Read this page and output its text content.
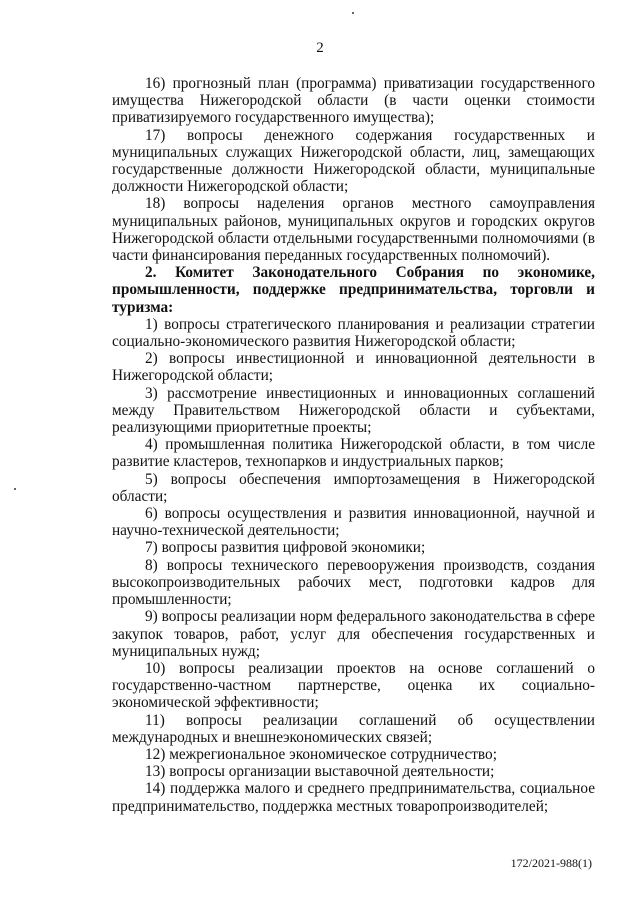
2

16) прогнозный план (программа) приватизации государственного имущества Нижегородской области (в части оценки стоимости приватизируемого государственного имущества);

17) вопросы денежного содержания государственных и муниципальных служащих Нижегородской области, лиц, замещающих государственные должности Нижегородской области, муниципальные должности Нижегородской области;

18) вопросы наделения органов местного самоуправления муниципальных районов, муниципальных округов и городских округов Нижегородской области отдельными государственными полномочиями (в части финансирования переданных государственных полномочий).

2. Комитет Законодательного Собрания по экономике, промышленности, поддержке предпринимательства, торговли и туризма:

1) вопросы стратегического планирования и реализации стратегии социально-экономического развития Нижегородской области;

2) вопросы инвестиционной и инновационной деятельности в Нижегородской области;

3) рассмотрение инвестиционных и инновационных соглашений между Правительством Нижегородской области и субъектами, реализующими приоритетные проекты;

4) промышленная политика Нижегородской области, в том числе развитие кластеров, технопарков и индустриальных парков;

5) вопросы обеспечения импортозамещения в Нижегородской области;

6) вопросы осуществления и развития инновационной, научной и научно-технической деятельности;

7) вопросы развития цифровой экономики;

8) вопросы технического перевооружения производств, создания высокопроизводительных рабочих мест, подготовки кадров для промышленности;

9) вопросы реализации норм федерального законодательства в сфере закупок товаров, работ, услуг для обеспечения государственных и муниципальных нужд;

10) вопросы реализации проектов на основе соглашений о государственно-частном партнерстве, оценка их социально-экономической эффективности;

11) вопросы реализации соглашений об осуществлении международных и внешнеэкономических связей;

12) межрегиональное экономическое сотрудничество;

13) вопросы организации выставочной деятельности;

14) поддержка малого и среднего предпринимательства, социальное предпринимательство, поддержка местных товаропроизводителей;

172/2021-988(1)
